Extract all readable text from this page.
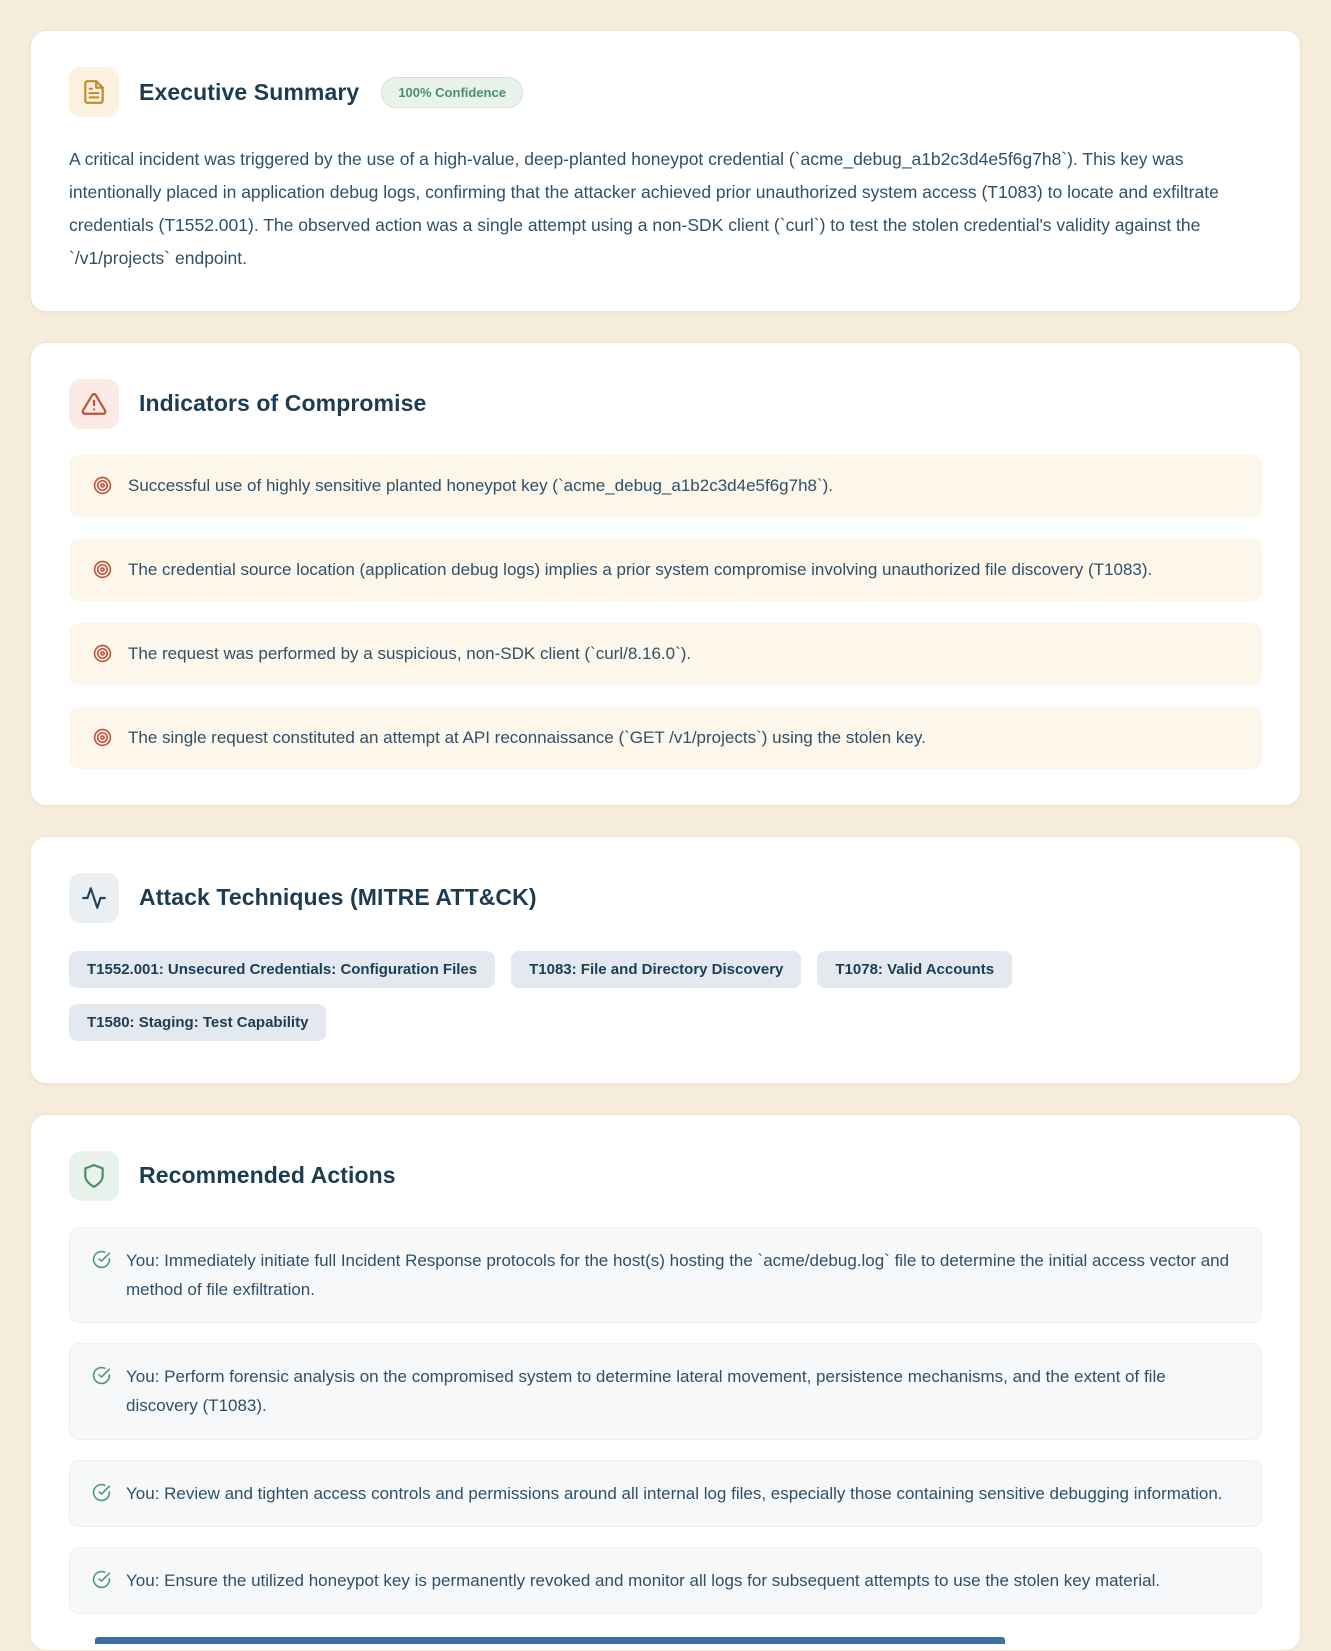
Executive Summary	100% Confidence

A critical incident was triggered by the use of a high-value, deep-planted honeypot credential (`acme_debug_a1b2c3d4e5f6g7h8`). This key was intentionally placed in application debug logs, confirming that the attacker achieved prior unauthorized system access (T1083) to locate and exfiltrate credentials (T1552.001). The observed action was a single attempt using a non-SDK client (`curl`) to test the stolen credential's validity against the `/v1/projects` endpoint.

Indicators of Compromise
Successful use of highly sensitive planted honeypot key (`acme_debug_a1b2c3d4e5f6g7h8`).
The credential source location (application debug logs) implies a prior system compromise involving unauthorized file discovery (T1083).
The request was performed by a suspicious, non-SDK client (`curl/8.16.0`).
The single request constituted an attempt at API reconnaissance (`GET /v1/projects`) using the stolen key.
Attack Techniques (MITRE ATT&CK)
T1552.001: Unsecured Credentials: Configuration Files	T1083: File and Directory Discovery	T1078: Valid Accounts
T1580: Staging: Test Capability
Recommended Actions
You: Immediately initiate full Incident Response protocols for the host(s) hosting the `acme/debug.log` file to determine the initial access vector and method of file exfiltration.
You: Perform forensic analysis on the compromised system to determine lateral movement, persistence mechanisms, and the extent of file discovery (T1083).
You: Review and tighten access controls and permissions around all internal log files, especially those containing sensitive debugging information.
You: Ensure the utilized honeypot key is permanently revoked and monitor all logs for subsequent attempts to use the stolen key material.
